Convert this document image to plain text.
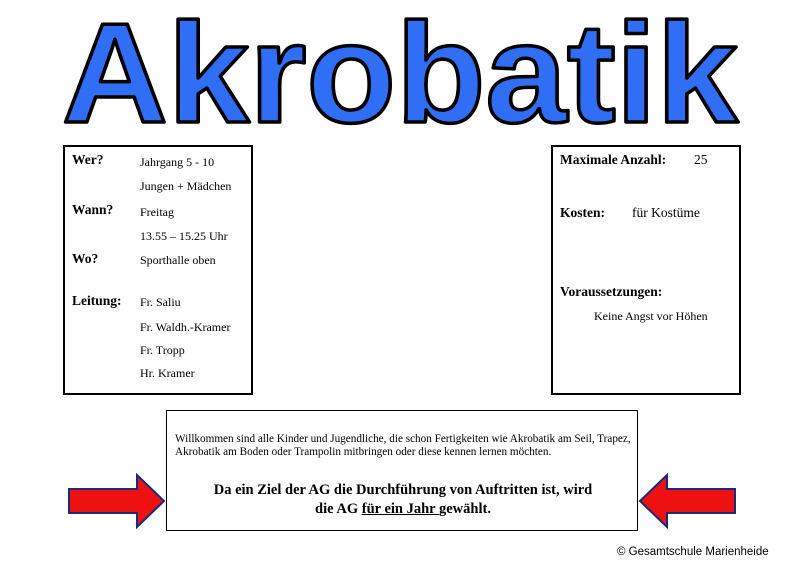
Akrobatik
Wer?	Jahrgang 5 - 10
Jungen + Mädchen
Wann? Freitag
13.55 – 15.25 Uhr
Wo?	Sporthalle oben
Leitung: Fr. Saliu
Fr. Waldh.-Kramer
Fr. Tropp
Hr. Kramer
Maximale Anzahl: 25
Kosten: für Kostüme
Voraussetzungen:
Keine Angst vor Höhen
Willkommen sind alle Kinder und Jugendliche, die schon Fertigkeiten wie Akrobatik am Seil, Trapez, Akrobatik am Boden oder Trampolin mitbringen oder diese kennen lernen möchten.
Da ein Ziel der AG die Durchführung von Auftritten ist, wird
die AG für ein Jahr gewählt.
© Gesamtschule Marienheide
